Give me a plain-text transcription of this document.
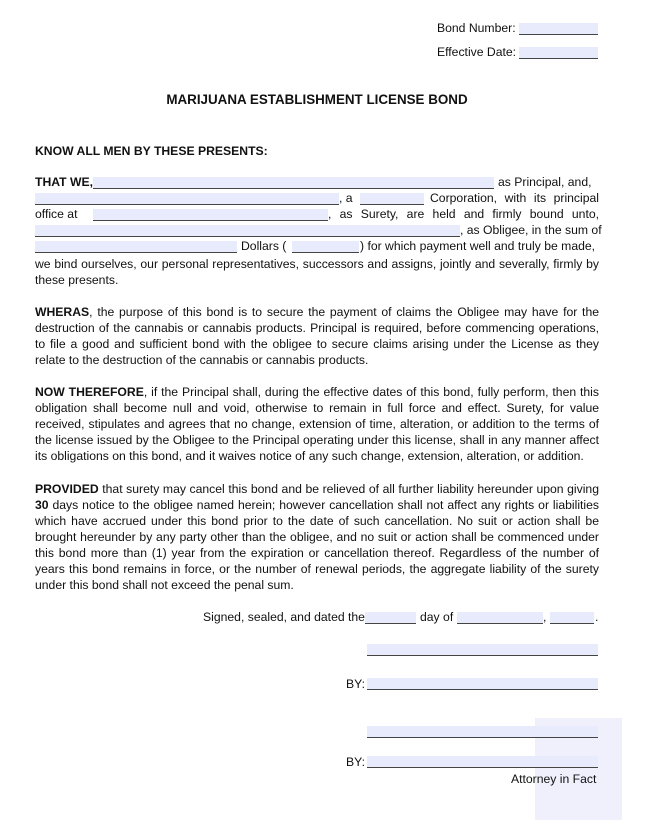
Bond Number:
Effective Date:
MARIJUANA ESTABLISHMENT LICENSE BOND
KNOW ALL MEN BY THESE PRESENTS:
THAT WE,	as Principal, and,
, a	Corporation, with its principal
office at	, as Surety, are held and firmly bound unto,
, as Obligee, in the sum of
Dollars (	) for which payment well and truly be made,
we bind ourselves, our personal representatives, successors and assigns, jointly and severally, firmly by
these presents.
WHERAS, the purpose of this bond is to secure the payment of claims the Obligee may have for the destruction of the cannabis or cannabis products. Principal is required, before commencing operations, to file a good and sufficient bond with the obligee to secure claims arising under the License as they relate to the destruction of the cannabis or cannabis products.
NOW THEREFORE, if the Principal shall, during the effective dates of this bond, fully perform, then this obligation shall become null and void, otherwise to remain in full force and effect. Surety, for value received, stipulates and agrees that no change, extension of time, alteration, or addition to the terms of the license issued by the Obligee to the Principal operating under this license, shall in any manner affect its obligations on this bond, and it waives notice of any such change, extension, alteration, or addition.
PROVIDED that surety may cancel this bond and be relieved of all further liability hereunder upon giving 30 days notice to the obligee named herein; however cancellation shall not affect any rights or liabilities which have accrued under this bond prior to the date of such cancellation. No suit or action shall be brought hereunder by any party other than the obligee, and no suit or action shall be commenced under this bond more than (1) year from the expiration or cancellation thereof. Regardless of the number of years this bond remains in force, or the number of renewal periods, the aggregate liability of the surety under this bond shall not exceed the penal sum.
Signed, sealed, and dated the	day of	,	.
BY:
BY:
Attorney in Fact
